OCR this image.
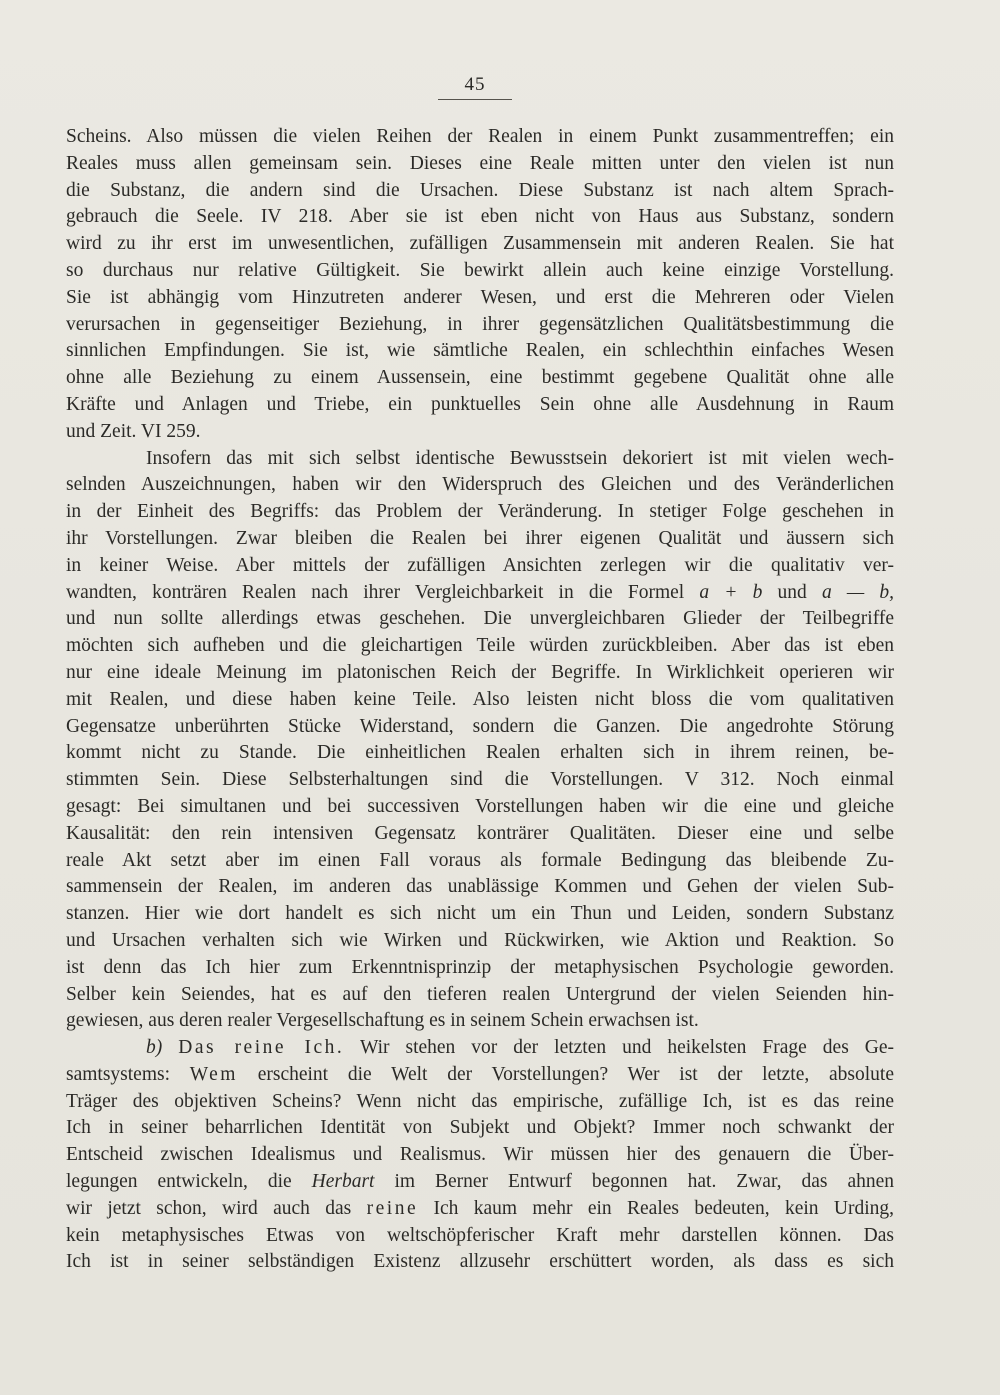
45
Scheins. Also müssen die vielen Reihen der Realen in einem Punkt zusammentreffen; ein
Reales muss allen gemeinsam sein. Dieses eine Reale mitten unter den vielen ist nun
die Substanz, die andern sind die Ursachen. Diese Substanz ist nach altem Sprach-
gebrauch die Seele. IV 218. Aber sie ist eben nicht von Haus aus Substanz, sondern
wird zu ihr erst im unwesentlichen, zufälligen Zusammensein mit anderen Realen. Sie hat
so durchaus nur relative Gültigkeit. Sie bewirkt allein auch keine einzige Vorstellung.
Sie ist abhängig vom Hinzutreten anderer Wesen, und erst die Mehreren oder Vielen
verursachen in gegenseitiger Beziehung, in ihrer gegensätzlichen Qualitätsbestimmung die
sinnlichen Empfindungen. Sie ist, wie sämtliche Realen, ein schlechthin einfaches Wesen
ohne alle Beziehung zu einem Aussensein, eine bestimmt gegebene Qualität ohne alle
Kräfte und Anlagen und Triebe, ein punktuelles Sein ohne alle Ausdehnung in Raum
und Zeit. VI 259.
Insofern das mit sich selbst identische Bewusstsein dekoriert ist mit vielen wech-
selnden Auszeichnungen, haben wir den Widerspruch des Gleichen und des Veränderlichen
in der Einheit des Begriffs: das Problem der Veränderung. In stetiger Folge geschehen in
ihr Vorstellungen. Zwar bleiben die Realen bei ihrer eigenen Qualität und äussern sich
in keiner Weise. Aber mittels der zufälligen Ansichten zerlegen wir die qualitativ ver-
wandten, konträren Realen nach ihrer Vergleichbarkeit in die Formel a + b und a — b,
und nun sollte allerdings etwas geschehen. Die unvergleichbaren Glieder der Teilbegriffe
möchten sich aufheben und die gleichartigen Teile würden zurückbleiben. Aber das ist eben
nur eine ideale Meinung im platonischen Reich der Begriffe. In Wirklichkeit operieren wir
mit Realen, und diese haben keine Teile. Also leisten nicht bloss die vom qualitativen
Gegensatze unberührten Stücke Widerstand, sondern die Ganzen. Die angedrohte Störung
kommt nicht zu Stande. Die einheitlichen Realen erhalten sich in ihrem reinen, be-
stimmten Sein. Diese Selbsterhaltungen sind die Vorstellungen. V 312. Noch einmal
gesagt: Bei simultanen und bei successiven Vorstellungen haben wir die eine und gleiche
Kausalität: den rein intensiven Gegensatz konträrer Qualitäten. Dieser eine und selbe
reale Akt setzt aber im einen Fall voraus als formale Bedingung das bleibende Zu-
sammensein der Realen, im anderen das unablässige Kommen und Gehen der vielen Sub-
stanzen. Hier wie dort handelt es sich nicht um ein Thun und Leiden, sondern Substanz
und Ursachen verhalten sich wie Wirken und Rückwirken, wie Aktion und Reaktion. So
ist denn das Ich hier zum Erkenntnisprinzip der metaphysischen Psychologie geworden.
Selber kein Seiendes, hat es auf den tieferen realen Untergrund der vielen Seienden hin-
gewiesen, aus deren realer Vergesellschaftung es in seinem Schein erwachsen ist.
b) Das reine Ich. Wir stehen vor der letzten und heikelsten Frage des Ge-
samtsystems: Wem erscheint die Welt der Vorstellungen? Wer ist der letzte, absolute
Träger des objektiven Scheins? Wenn nicht das empirische, zufällige Ich, ist es das reine
Ich in seiner beharrlichen Identität von Subjekt und Objekt? Immer noch schwankt der
Entscheid zwischen Idealismus und Realismus. Wir müssen hier des genauern die Über-
legungen entwickeln, die Herbart im Berner Entwurf begonnen hat. Zwar, das ahnen
wir jetzt schon, wird auch das reine Ich kaum mehr ein Reales bedeuten, kein Urding,
kein metaphysisches Etwas von weltschöpferischer Kraft mehr darstellen können. Das
Ich ist in seiner selbständigen Existenz allzusehr erschüttert worden, als dass es sich
